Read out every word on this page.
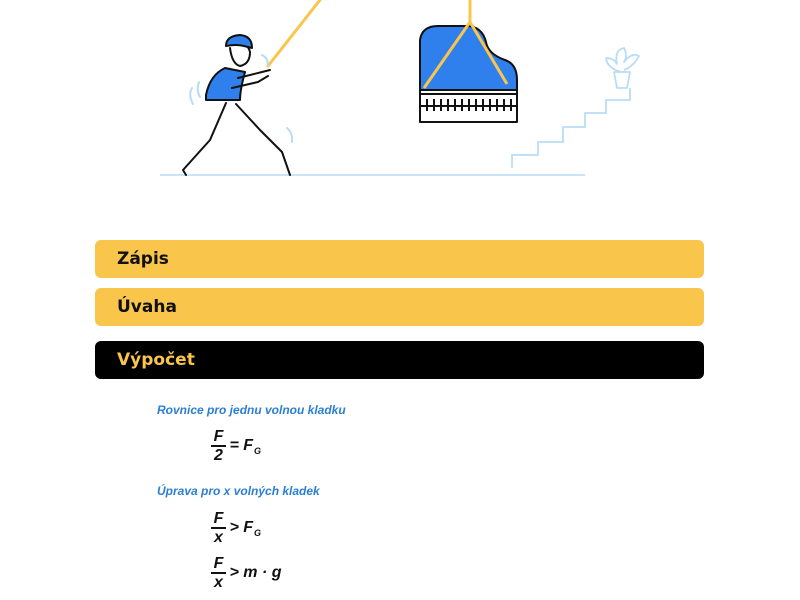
Zápis
Úvaha
Výpočet
Rovnice pro jednu volnou kladku
$\frac{F}{2} = F_G$
Úprava pro x volných kladek
$\frac{F}{x} > F_G$
$\frac{F}{x} > m \cdot g$
